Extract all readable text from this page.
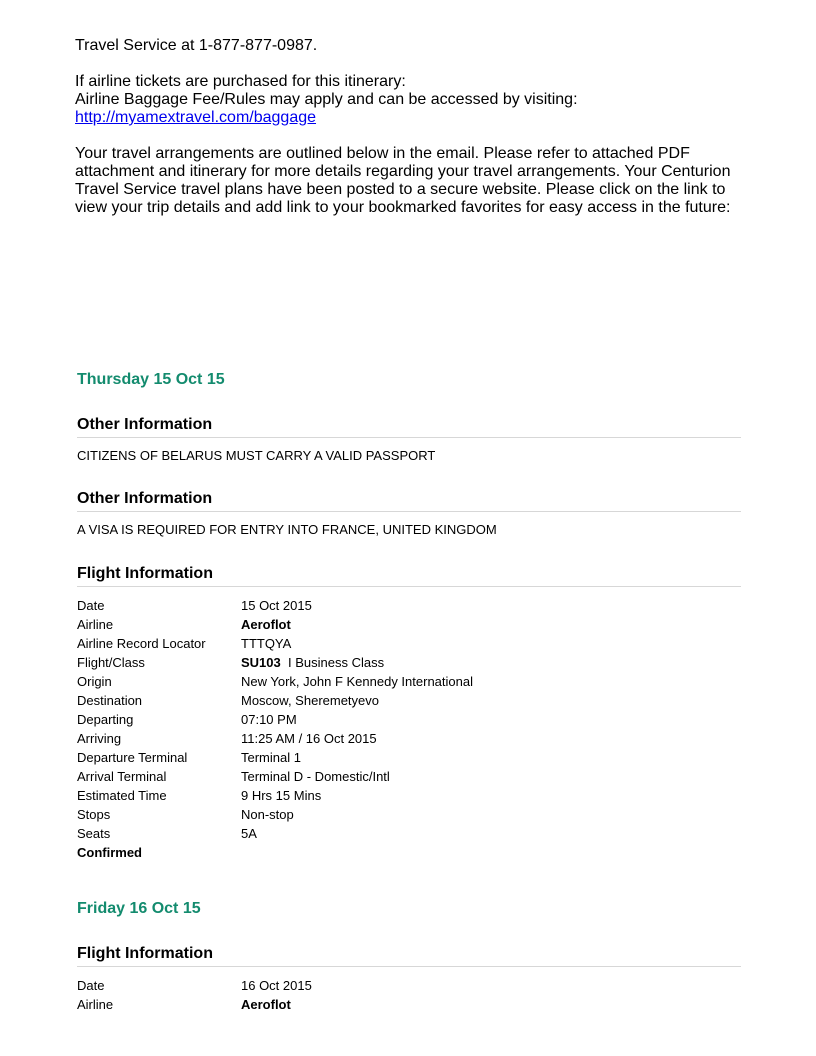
Travel Service at 1-877-877-0987.

If airline tickets are purchased for this itinerary:
Airline Baggage Fee/Rules may apply and can be accessed by visiting:
http://myamextravel.com/baggage

Your travel arrangements are outlined below in the email. Please refer to attached PDF attachment and itinerary for more details regarding your travel arrangements. Your Centurion Travel Service travel plans have been posted to a secure website. Please click on the link to view your trip details and add link to your bookmarked favorites for easy access in the future:

Thursday 15 Oct 15
Other Information
CITIZENS OF BELARUS MUST CARRY A VALID PASSPORT
Other Information
A VISA IS REQUIRED FOR ENTRY INTO FRANCE, UNITED KINGDOM
Flight Information
Date	15 Oct 2015
Airline	Aeroflot
Airline Record Locator	TTTQYA
Flight/Class	SU103 I Business Class
Origin	New York, John F Kennedy International
Destination	Moscow, Sheremetyevo
Departing	07:10 PM
Arriving	11:25 AM / 16 Oct 2015
Departure Terminal	Terminal 1
Arrival Terminal	Terminal D - Domestic/Intl
Estimated Time	9 Hrs 15 Mins
Stops	Non-stop
Seats	5A
Confirmed
Friday 16 Oct 15
Flight Information
Date	16 Oct 2015
Airline	Aeroflot
